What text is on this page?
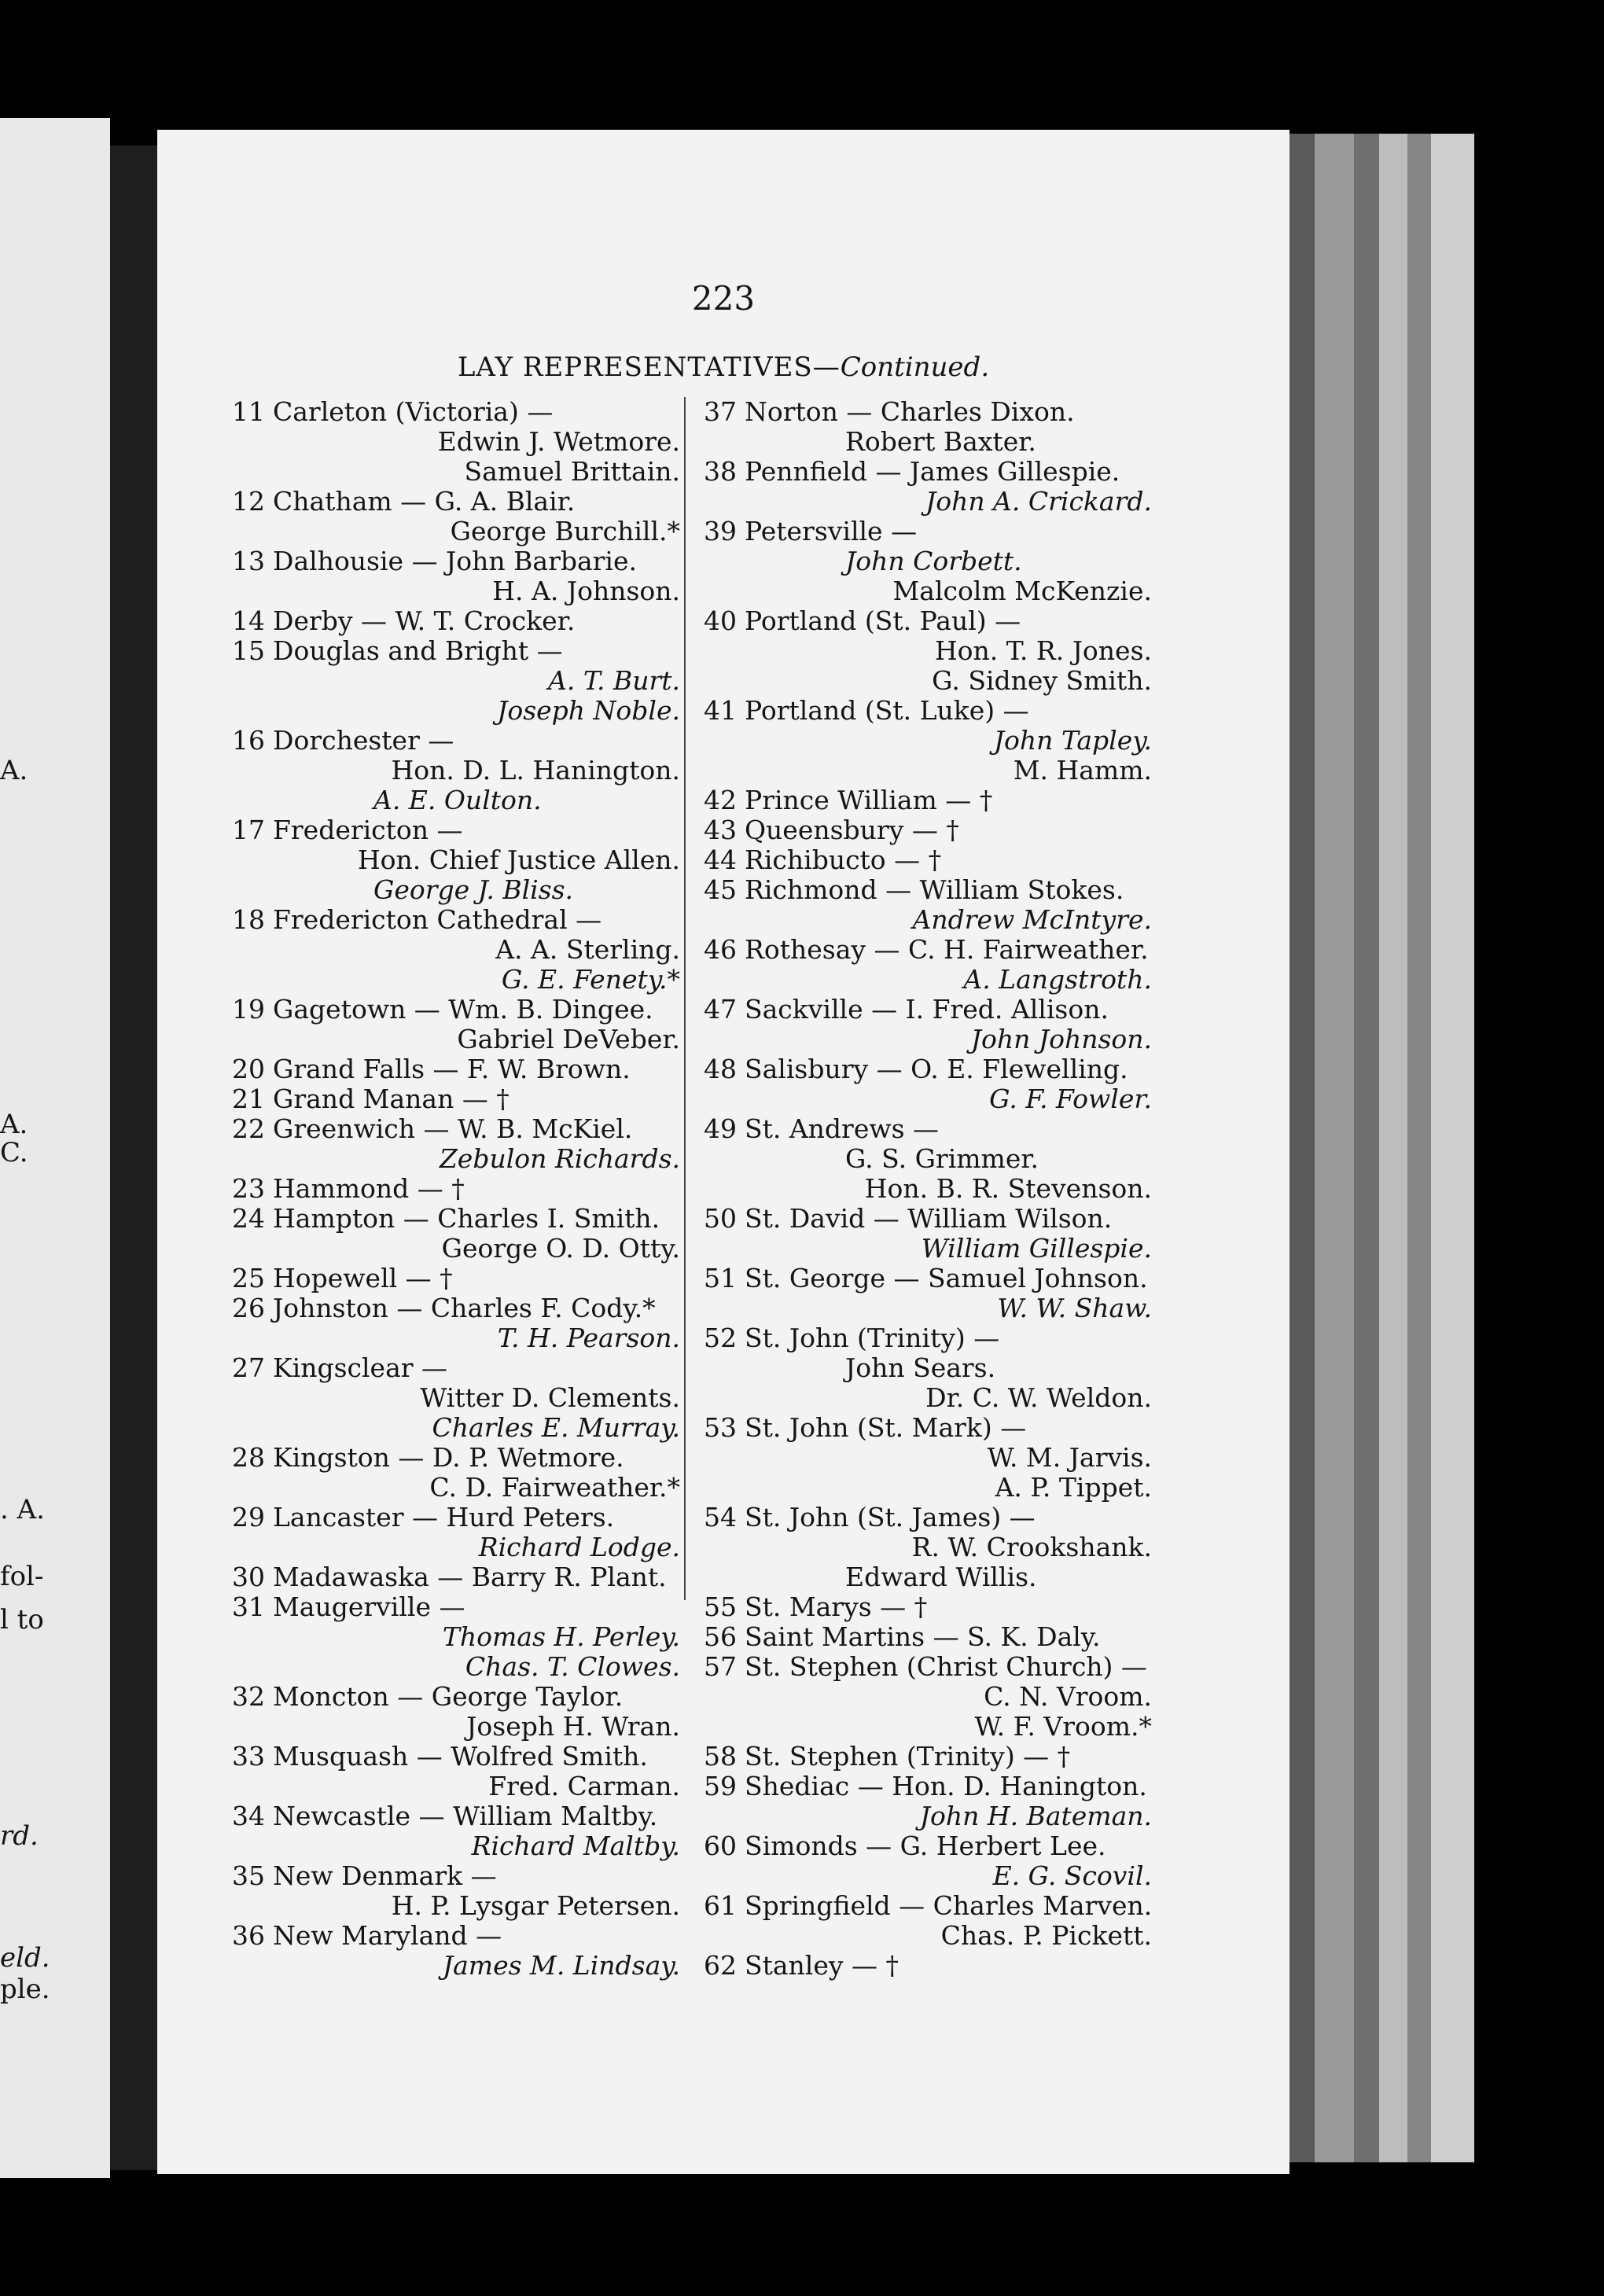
A.
A.
C.
. A.
fol-
l to
rd.
eld.
ple.
223
LAY REPRESENTATIVES—Continued.
11 Carleton (Victoria) —
Edwin J. Wetmore.
Samuel Brittain.
12 Chatham — G. A. Blair.
George Burchill.*
13 Dalhousie — John Barbarie.
H. A. Johnson.
14 Derby — W. T. Crocker.
15 Douglas and Bright —
A. T. Burt.
Joseph Noble.
16 Dorchester —
Hon. D. L. Hanington.
A. E. Oulton.
17 Fredericton —
Hon. Chief Justice Allen.
George J. Bliss.
18 Fredericton Cathedral —
A. A. Sterling.
G. E. Fenety.*
19 Gagetown — Wm. B. Dingee.
Gabriel DeVeber.
20 Grand Falls — F. W. Brown.
21 Grand Manan — †
22 Greenwich — W. B. McKiel.
Zebulon Richards.
23 Hammond — †
24 Hampton — Charles I. Smith.
George O. D. Otty.
25 Hopewell — †
26 Johnston — Charles F. Cody.*
T. H. Pearson.
27 Kingsclear —
Witter D. Clements.
Charles E. Murray.
28 Kingston — D. P. Wetmore.
C. D. Fairweather.*
29 Lancaster — Hurd Peters.
Richard Lodge.
30 Madawaska — Barry R. Plant.
31 Maugerville —
Thomas H. Perley.
Chas. T. Clowes.
32 Moncton — George Taylor.
Joseph H. Wran.
33 Musquash — Wolfred Smith.
Fred. Carman.
34 Newcastle — William Maltby.
Richard Maltby.
35 New Denmark —
H. P. Lysgar Petersen.
36 New Maryland —
James M. Lindsay.
37 Norton — Charles Dixon.
Robert Baxter.
38 Pennfield — James Gillespie.
John A. Crickard.
39 Petersville —
John Corbett.
Malcolm McKenzie.
40 Portland (St. Paul) —
Hon. T. R. Jones.
G. Sidney Smith.
41 Portland (St. Luke) —
John Tapley.
M. Hamm.
42 Prince William — †
43 Queensbury — †
44 Richibucto — †
45 Richmond — William Stokes.
Andrew McIntyre.
46 Rothesay — C. H. Fairweather.
A. Langstroth.
47 Sackville — I. Fred. Allison.
John Johnson.
48 Salisbury — O. E. Flewelling.
G. F. Fowler.
49 St. Andrews —
G. S. Grimmer.
Hon. B. R. Stevenson.
50 St. David — William Wilson.
William Gillespie.
51 St. George — Samuel Johnson.
W. W. Shaw.
52 St. John (Trinity) —
John Sears.
Dr. C. W. Weldon.
53 St. John (St. Mark) —
W. M. Jarvis.
A. P. Tippet.
54 St. John (St. James) —
R. W. Crookshank.
Edward Willis.
55 St. Marys — †
56 Saint Martins — S. K. Daly.
57 St. Stephen (Christ Church) —
C. N. Vroom.
W. F. Vroom.*
58 St. Stephen (Trinity) — †
59 Shediac — Hon. D. Hanington.
John H. Bateman.
60 Simonds — G. Herbert Lee.
E. G. Scovil.
61 Springfield — Charles Marven.
Chas. P. Pickett.
62 Stanley — †
